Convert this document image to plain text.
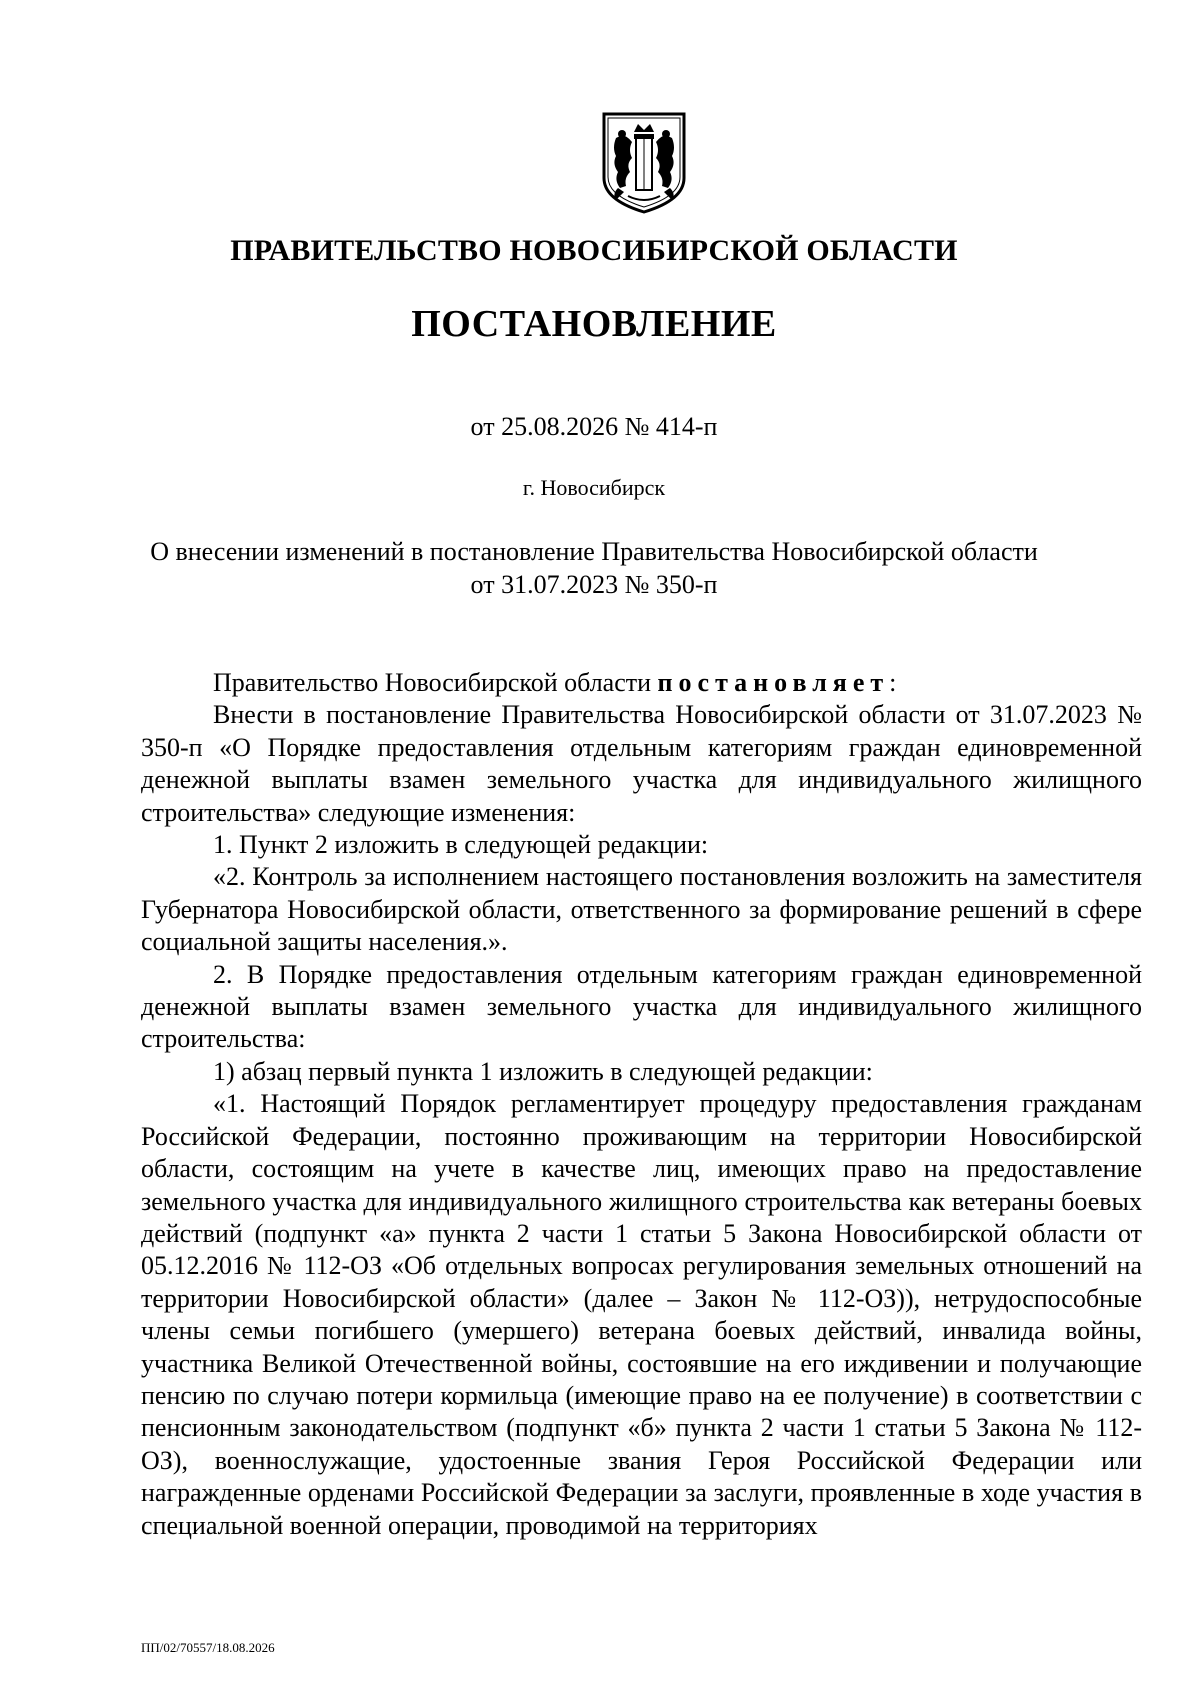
ПРАВИТЕЛЬСТВО НОВОСИБИРСКОЙ ОБЛАСТИ
ПОСТАНОВЛЕНИЕ
от 25.08.2026 № 414-п
г. Новосибирск
О внесении изменений в постановление Правительства Новосибирской области
от 31.07.2023 № 350-п

Правительство Новосибирской области постановляет:

Внести в постановление Правительства Новосибирской области от 31.07.2023 № 350-п «О Порядке предоставления отдельным категориям граждан единовременной денежной выплаты взамен земельного участка для индивидуального жилищного строительства» следующие изменения:

1. Пункт 2 изложить в следующей редакции:

«2. Контроль за исполнением настоящего постановления возложить на заместителя Губернатора Новосибирской области, ответственного за формирование решений в сфере социальной защиты населения.».

2. В Порядке предоставления отдельным категориям граждан единовременной денежной выплаты взамен земельного участка для индивидуального жилищного строительства:

1) абзац первый пункта 1 изложить в следующей редакции:

«1. Настоящий Порядок регламентирует процедуру предоставления гражданам Российской Федерации, постоянно проживающим на территории Новосибирской области, состоящим на учете в качестве лиц, имеющих право на предоставление земельного участка для индивидуального жилищного строительства как ветераны боевых действий (подпункт «а» пункта 2 части 1 статьи 5 Закона Новосибирской области от 05.12.2016 № 112-ОЗ «Об отдельных вопросах регулирования земельных отношений на территории Новосибирской области» (далее – Закон № 112-ОЗ)), нетрудоспособные члены семьи погибшего (умершего) ветерана боевых действий, инвалида войны, участника Великой Отечественной войны, состоявшие на его иждивении и получающие пенсию по случаю потери кормильца (имеющие право на ее получение) в соответствии с пенсионным законодательством (подпункт «б» пункта 2 части 1 статьи 5 Закона № 112-ОЗ), военнослужащие, удостоенные звания Героя Российской Федерации или награжденные орденами Российской Федерации за заслуги, проявленные в ходе участия в специальной военной операции, проводимой на территориях

ПП/02/70557/18.08.2026
